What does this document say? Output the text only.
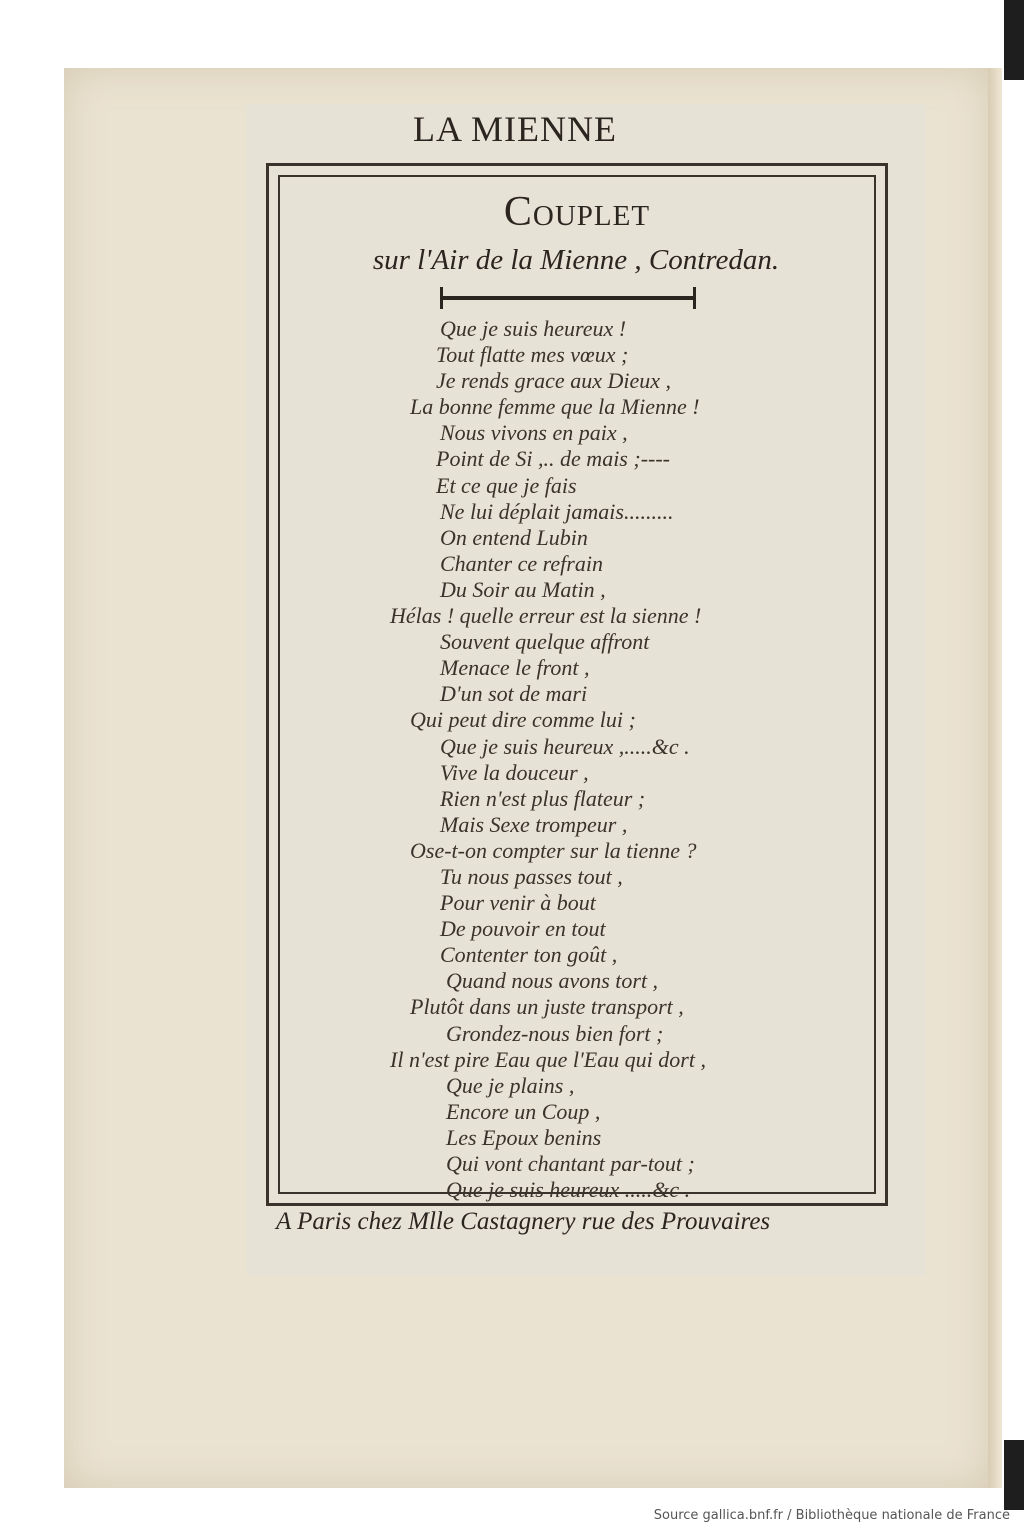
LA MIENNE
Couplet
sur l'Air de la Mienne , Contredan.
Que je suis heureux !
Tout flatte mes vœux ;
Je rends grace aux Dieux ,
La bonne femme que la Mienne !
Nous vivons en paix ,
Point de Si ,.. de mais ;----
Et ce que je fais
Ne lui déplait jamais.........
On entend Lubin
Chanter ce refrain
Du Soir au Matin ,
Hélas ! quelle erreur est la sienne !
Souvent quelque affront
Menace le front ,
D'un sot de mari
Qui peut dire comme lui ;
Que je suis heureux ,.....&c .
Vive la douceur ,
Rien n'est plus flateur ;
Mais Sexe trompeur ,
Ose-t-on compter sur la tienne ?
Tu nous passes tout ,
Pour venir à bout
De pouvoir en tout
Contenter ton goût ,
Quand nous avons tort ,
Plutôt dans un juste transport ,
Grondez-nous bien fort ;
Il n'est pire Eau que l'Eau qui dort ,
Que je plains ,
Encore un Coup ,
Les Epoux benins
Qui vont chantant par-tout ;
Que je suis heureux .....&c .
A Paris chez Mlle Castagnery rue des Prouvaires
Source gallica.bnf.fr / Bibliothèque nationale de France
